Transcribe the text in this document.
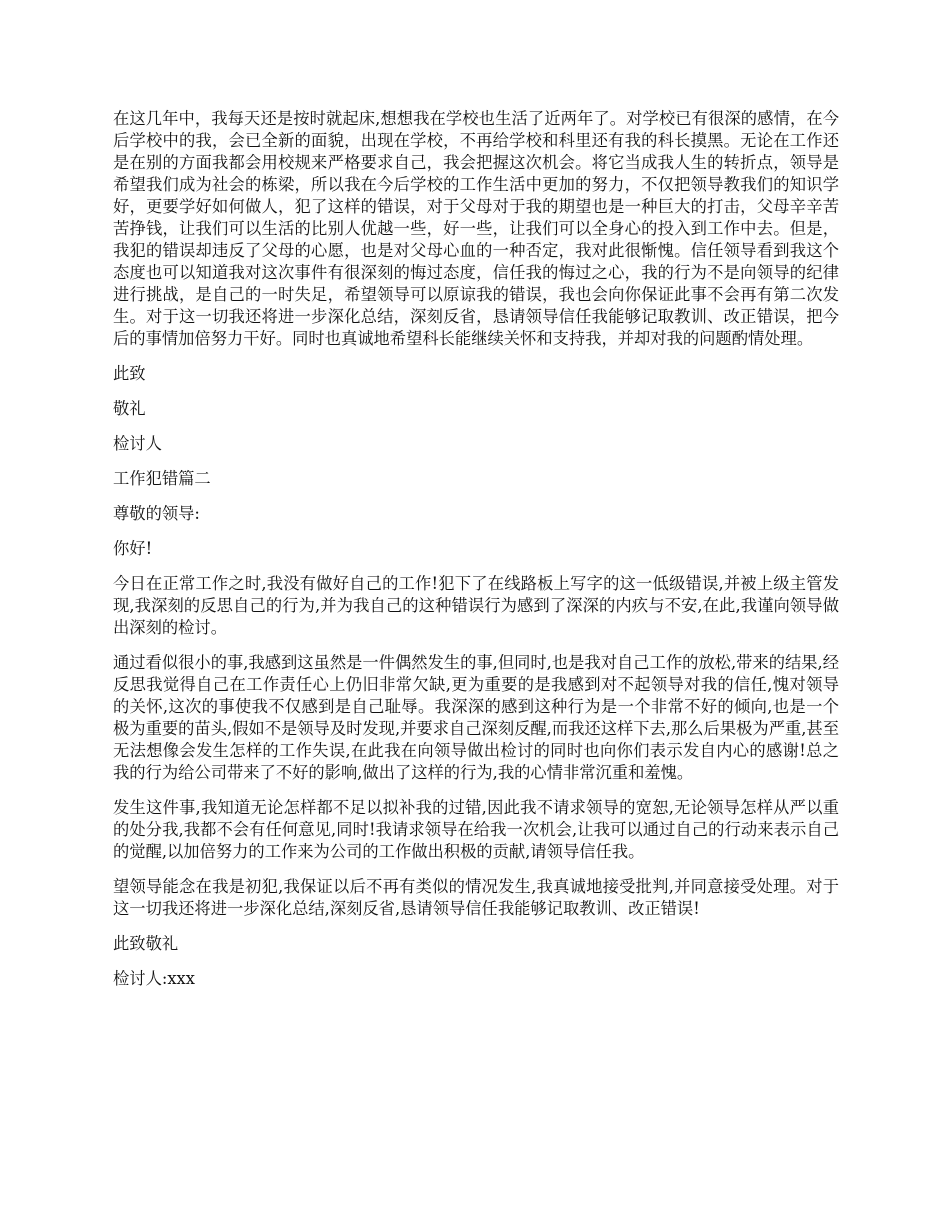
在这几年中，我每天还是按时就起床,想想我在学校也生活了近两年了。对学校已有很深的感情，在今后学校中的我，会已全新的面貌，出现在学校，不再给学校和科里还有我的科长摸黑。无论在工作还是在别的方面我都会用校规来严格要求自己，我会把握这次机会。将它当成我人生的转折点，领导是希望我们成为社会的栋梁，所以我在今后学校的工作生活中更加的努力，不仅把领导教我们的知识学好，更要学好如何做人，犯了这样的错误，对于父母对于我的期望也是一种巨大的打击，父母辛辛苦苦挣钱，让我们可以生活的比别人优越一些，好一些，让我们可以全身心的投入到工作中去。但是，我犯的错误却违反了父母的心愿，也是对父母心血的一种否定，我对此很惭愧。信任领导看到我这个态度也可以知道我对这次事件有很深刻的悔过态度，信任我的悔过之心，我的行为不是向领导的纪律进行挑战，是自己的一时失足，希望领导可以原谅我的错误，我也会向你保证此事不会再有第二次发生。对于这一切我还将进一步深化总结，深刻反省，恳请领导信任我能够记取教训、改正错误，把今后的事情加倍努力干好。同时也真诚地希望科长能继续关怀和支持我，并却对我的问题酌情处理。

此致

敬礼

检讨人

工作犯错篇二

尊敬的领导:

你好!

今日在正常工作之时,我没有做好自己的工作!犯下了在线路板上写字的这一低级错误,并被上级主管发现,我深刻的反思自己的行为,并为我自己的这种错误行为感到了深深的内疚与不安,在此,我谨向领导做出深刻的检讨。

通过看似很小的事,我感到这虽然是一件偶然发生的事,但同时,也是我对自己工作的放松,带来的结果,经反思我觉得自己在工作责任心上仍旧非常欠缺,更为重要的是我感到对不起领导对我的信任,愧对领导的关怀,这次的事使我不仅感到是自己耻辱。我深深的感到这种行为是一个非常不好的倾向,也是一个极为重要的苗头,假如不是领导及时发现,并要求自己深刻反醒,而我还这样下去,那么后果极为严重,甚至无法想像会发生怎样的工作失误,在此我在向领导做出检讨的同时也向你们表示发自内心的感谢!总之我的行为给公司带来了不好的影响,做出了这样的行为,我的心情非常沉重和羞愧。

发生这件事,我知道无论怎样都不足以拟补我的过错,因此我不请求领导的宽恕,无论领导怎样从严以重的处分我,我都不会有任何意见,同时!我请求领导在给我一次机会,让我可以通过自己的行动来表示自己的觉醒,以加倍努力的工作来为公司的工作做出积极的贡献,请领导信任我。

望领导能念在我是初犯,我保证以后不再有类似的情况发生,我真诚地接受批判,并同意接受处理。对于这一切我还将进一步深化总结,深刻反省,恳请领导信任我能够记取教训、改正错误!

此致敬礼

检讨人:xxx
